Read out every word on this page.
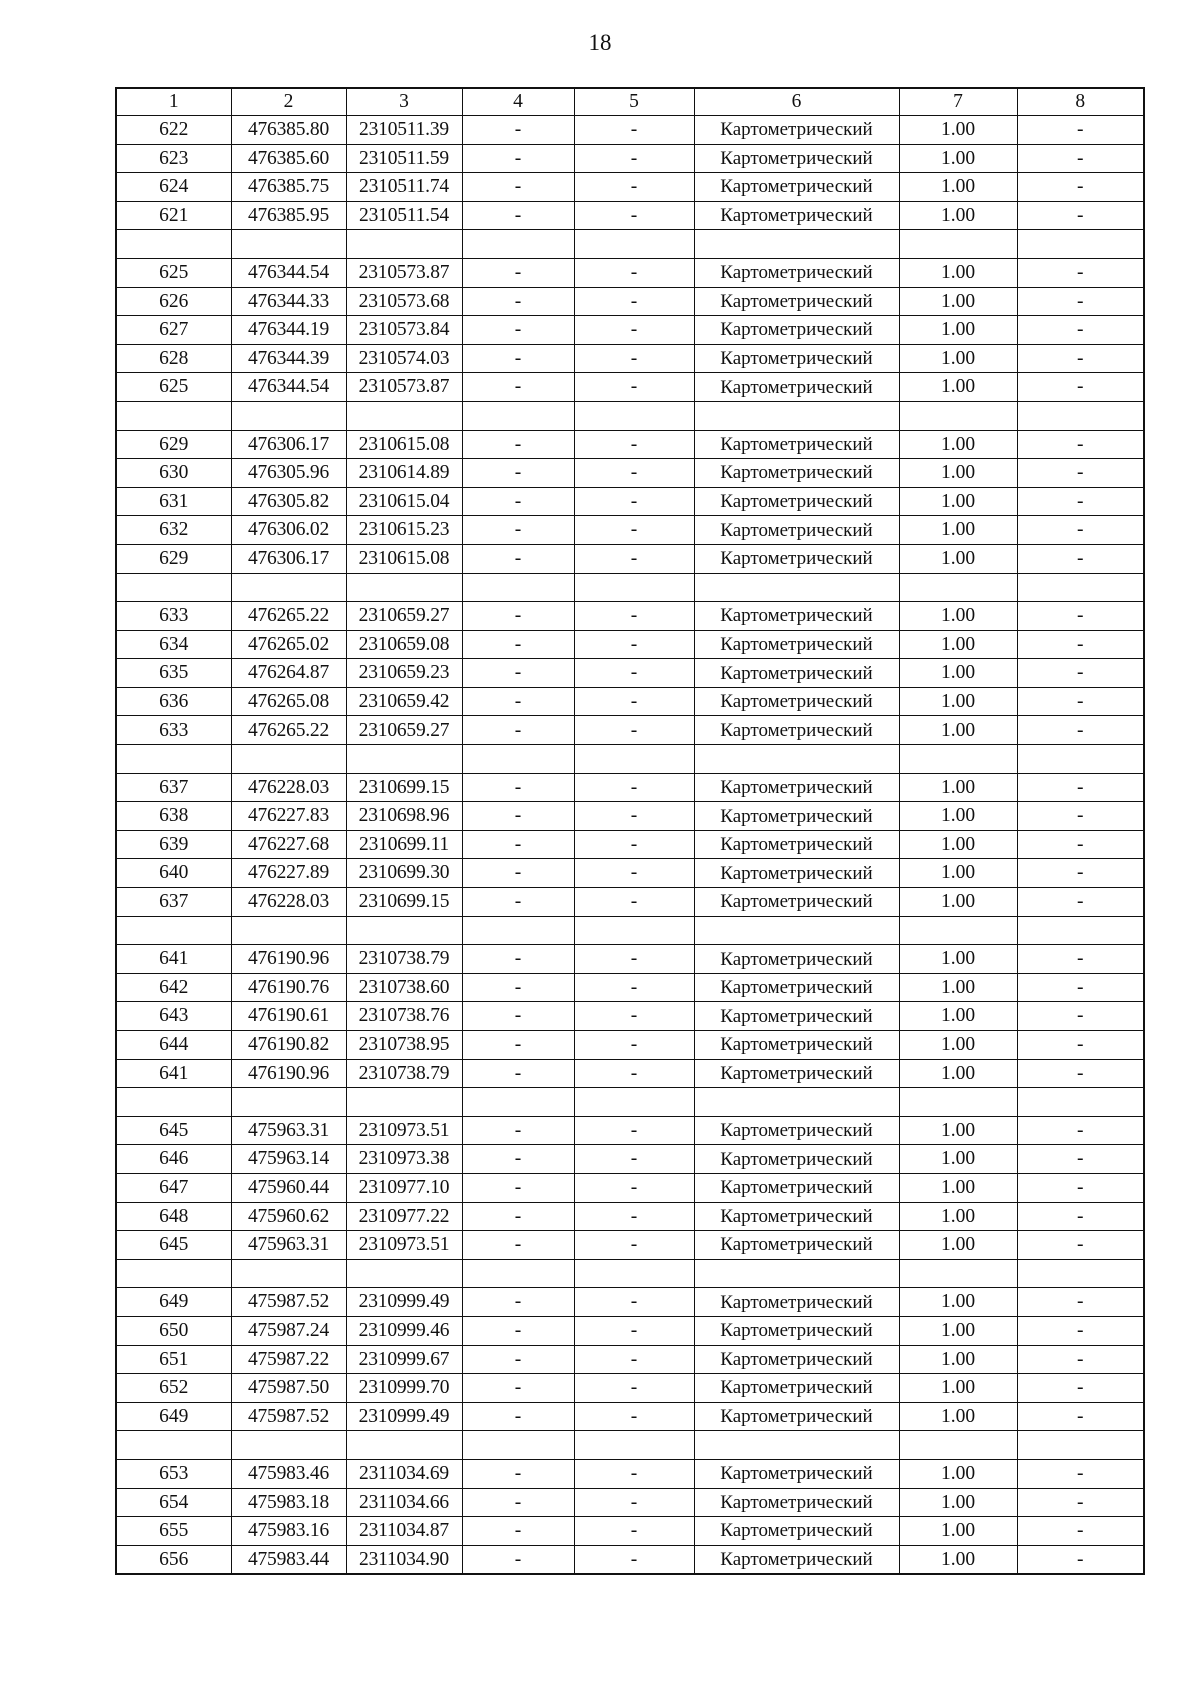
18
1	2	3	4	5	6	7	8
622	476385.80	2310511.39	-	-	Картометрический	1.00	-
623	476385.60	2310511.59	-	-	Картометрический	1.00	-
624	476385.75	2310511.74	-	-	Картометрический	1.00	-
621	476385.95	2310511.54	-	-	Картометрический	1.00	-

625	476344.54	2310573.87	-	-	Картометрический	1.00	-
626	476344.33	2310573.68	-	-	Картометрический	1.00	-
627	476344.19	2310573.84	-	-	Картометрический	1.00	-
628	476344.39	2310574.03	-	-	Картометрический	1.00	-
625	476344.54	2310573.87	-	-	Картометрический	1.00	-

629	476306.17	2310615.08	-	-	Картометрический	1.00	-
630	476305.96	2310614.89	-	-	Картометрический	1.00	-
631	476305.82	2310615.04	-	-	Картометрический	1.00	-
632	476306.02	2310615.23	-	-	Картометрический	1.00	-
629	476306.17	2310615.08	-	-	Картометрический	1.00	-

633	476265.22	2310659.27	-	-	Картометрический	1.00	-
634	476265.02	2310659.08	-	-	Картометрический	1.00	-
635	476264.87	2310659.23	-	-	Картометрический	1.00	-
636	476265.08	2310659.42	-	-	Картометрический	1.00	-
633	476265.22	2310659.27	-	-	Картометрический	1.00	-

637	476228.03	2310699.15	-	-	Картометрический	1.00	-
638	476227.83	2310698.96	-	-	Картометрический	1.00	-
639	476227.68	2310699.11	-	-	Картометрический	1.00	-
640	476227.89	2310699.30	-	-	Картометрический	1.00	-
637	476228.03	2310699.15	-	-	Картометрический	1.00	-

641	476190.96	2310738.79	-	-	Картометрический	1.00	-
642	476190.76	2310738.60	-	-	Картометрический	1.00	-
643	476190.61	2310738.76	-	-	Картометрический	1.00	-
644	476190.82	2310738.95	-	-	Картометрический	1.00	-
641	476190.96	2310738.79	-	-	Картометрический	1.00	-

645	475963.31	2310973.51	-	-	Картометрический	1.00	-
646	475963.14	2310973.38	-	-	Картометрический	1.00	-
647	475960.44	2310977.10	-	-	Картометрический	1.00	-
648	475960.62	2310977.22	-	-	Картометрический	1.00	-
645	475963.31	2310973.51	-	-	Картометрический	1.00	-

649	475987.52	2310999.49	-	-	Картометрический	1.00	-
650	475987.24	2310999.46	-	-	Картометрический	1.00	-
651	475987.22	2310999.67	-	-	Картометрический	1.00	-
652	475987.50	2310999.70	-	-	Картометрический	1.00	-
649	475987.52	2310999.49	-	-	Картометрический	1.00	-

653	475983.46	2311034.69	-	-	Картометрический	1.00	-
654	475983.18	2311034.66	-	-	Картометрический	1.00	-
655	475983.16	2311034.87	-	-	Картометрический	1.00	-
656	475983.44	2311034.90	-	-	Картометрический	1.00	-
